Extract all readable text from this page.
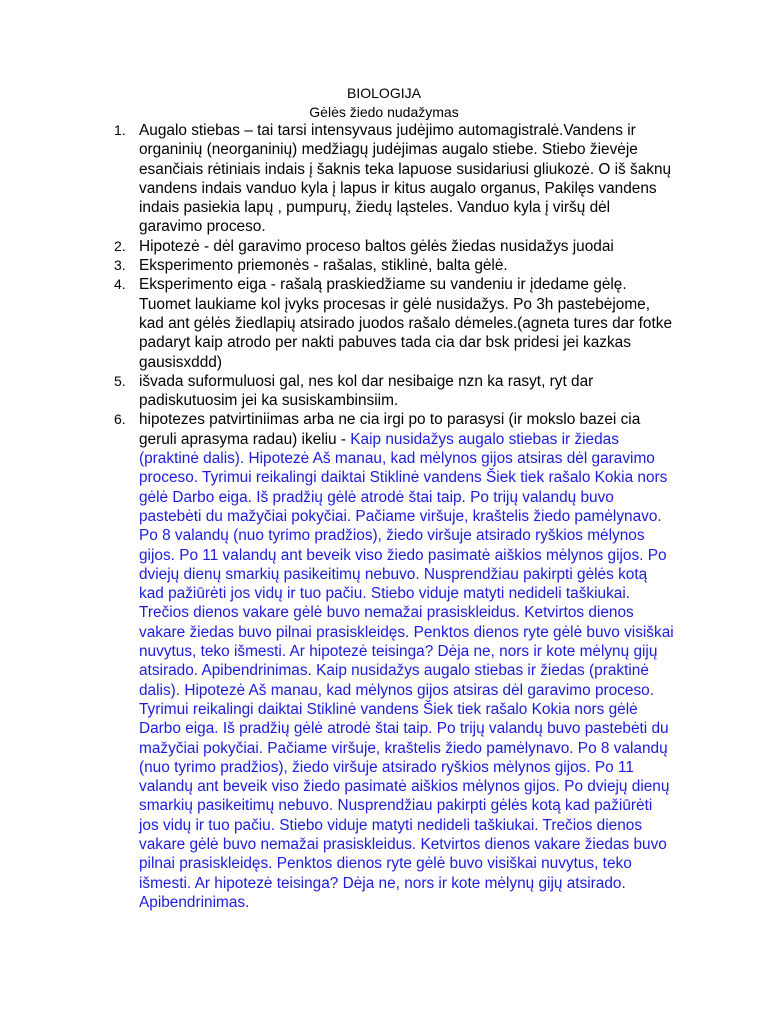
BIOLOGIJA
Gėlės žiedo nudažymas
1. Augalo stiebas – tai tarsi intensyvaus judėjimo automagistralė.Vandens ir organinių (neorganinių) medžiagų judėjimas augalo stiebe. Stiebo žievėje esančiais rėtiniais indais į šaknis teka lapuose susidariusi gliukozė. O iš šaknų vandens indais vanduo kyla į lapus ir kitus augalo organus, Pakilęs vandens indais pasiekia lapų , pumpurų, žiedų ląsteles. Vanduo kyla į viršų dėl garavimo proceso.
2. Hipotezė - dėl garavimo proceso baltos gėlės žiedas nusidažys juodai
3. Eksperimento priemonės - rašalas, stiklinė, balta gėlė.
4. Eksperimento eiga - rašalą praskiedžiame su vandeniu ir įdedame gėlę. Tuomet laukiame kol įvyks procesas ir gėlė nusidažys. Po 3h pastebėjome, kad ant gėlės žiedlapių atsirado juodos rašalo dėmeles.(agneta tures dar fotke padaryt kaip atrodo per nakti pabuves tada cia dar bsk pridesi jei kazkas gausisxddd)
5. išvada suformuluosi gal, nes kol dar nesibaige nzn ka rasyt, ryt dar padiskutuosim jei ka susiskambinsiim.
6. hipotezes patvirtiniimas arba ne cia irgi po to parasysi (ir mokslo bazei cia geruli aprasyma radau) ikeliu - Kaip nusidažys augalo stiebas ir žiedas (praktinė dalis). Hipotezė Aš manau, kad mėlynos gijos atsiras dėl garavimo proceso. Tyrimui reikalingi daiktai Stiklinė vandens Šiek tiek rašalo Kokia nors gėlė Darbo eiga. Iš pradžių gėlė atrodė štai taip. Po trijų valandų buvo pastebėti du mažyčiai pokyčiai. Pačiame viršuje, kraštelis žiedo pamėlynavo. Po 8 valandų (nuo tyrimo pradžios), žiedo viršuje atsirado ryškios mėlynos gijos. Po 11 valandų ant beveik viso žiedo pasimatė aiškios mėlynos gijos. Po dviejų dienų smarkių pasikeitimų nebuvo. Nusprendžiau pakirpti gėlės kotą kad pažiūrėti jos vidų ir tuo pačiu. Stiebo viduje matyti nedideli taškiukai. Trečios dienos vakare gėlė buvo nemažai prasiskleidus. Ketvirtos dienos vakare žiedas buvo pilnai prasiskleidęs. Penktos dienos ryte gėlė buvo visiškai nuvytus, teko išmesti. Ar hipotezė teisinga? Dėja ne, nors ir kote mėlynų gijų atsirado. Apibendrinimas. Kaip nusidažys augalo stiebas ir žiedas (praktinė dalis). Hipotezė Aš manau, kad mėlynos gijos atsiras dėl garavimo proceso. Tyrimui reikalingi daiktai Stiklinė vandens Šiek tiek rašalo Kokia nors gėlė Darbo eiga. Iš pradžių gėlė atrodė štai taip. Po trijų valandų buvo pastebėti du mažyčiai pokyčiai. Pačiame viršuje, kraštelis žiedo pamėlynavo. Po 8 valandų (nuo tyrimo pradžios), žiedo viršuje atsirado ryškios mėlynos gijos. Po 11 valandų ant beveik viso žiedo pasimatė aiškios mėlynos gijos. Po dviejų dienų smarkių pasikeitimų nebuvo. Nusprendžiau pakirpti gėlės kotą kad pažiūrėti jos vidų ir tuo pačiu. Stiebo viduje matyti nedideli taškiukai. Trečios dienos vakare gėlė buvo nemažai prasiskleidus. Ketvirtos dienos vakare žiedas buvo pilnai prasiskleidęs. Penktos dienos ryte gėlė buvo visiškai nuvytus, teko išmesti. Ar hipotezė teisinga? Dėja ne, nors ir kote mėlynų gijų atsirado. Apibendrinimas.
